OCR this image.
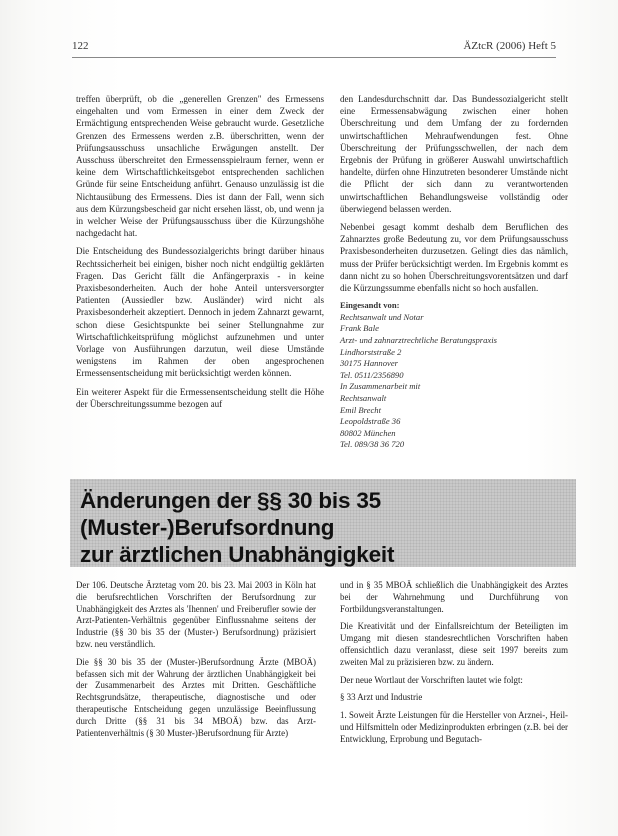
122	ÄZtcR (2006) Heft 5

treffen überprüft, ob die „generellen Grenzen" des Ermessens eingehalten und vom Ermessen in einer dem Zweck der Ermächtigung entsprechenden Weise gebraucht wurde. Gesetzliche Grenzen des Ermessens werden z.B. überschritten, wenn der Prüfungsausschuss unsachliche Erwägungen anstellt. Der Ausschuss überschreitet den Ermessensspielraum ferner, wenn er keine dem Wirtschaftlichkeitsgebot entsprechenden sachlichen Gründe für seine Entscheidung anführt. Genauso unzulässig ist die Nichtausübung des Ermessens. Dies ist dann der Fall, wenn sich aus dem Kürzungsbescheid gar nicht ersehen lässt, ob, und wenn ja in welcher Weise der Prüfungsausschuss über die Kürzungshöhe nachgedacht hat.

Die Entscheidung des Bundessozialgerichts bringt darüber hinaus Rechtssicherheit bei einigen, bisher noch nicht endgültig geklärten Fragen. Das Gericht fällt die Anfängerpraxis - in keine Praxisbesonderheiten. Auch der hohe Anteil untersversorgter Patienten (Aussiedler bzw. Ausländer) wird nicht als Praxisbesonderheit akzeptiert. Dennoch in jedem Zahnarzt gewarnt, schon diese Gesichtspunkte bei seiner Stellungnahme zur Wirtschaftlichkeitsprüfung möglichst aufzunehmen und unter Vorlage von Ausführungen darzutun, weil diese Umstände wenigstens im Rahmen der oben angesprochenen Ermessensentscheidung mit berücksichtigt werden können.

Ein weiterer Aspekt für die Ermessensentscheidung stellt die Höhe der Überschreitungssumme bezogen auf

den Landesdurchschnitt dar. Das Bundessozialgericht stellt eine Ermessensabwägung zwischen einer hohen Überschreitung und dem Umfang der zu fordernden unwirtschaftlichen Mehraufwendungen fest. Ohne Überschreitung der Prüfungsschwellen, der nach dem Ergebnis der Prüfung in größerer Auswahl unwirtschaftlich handelte, dürfen ohne Hinzutreten besonderer Umstände nicht die Pflicht der sich dann zu verantwortenden unwirtschaftlichen Behandlungsweise vollständig oder überwiegend belassen werden.

Nebenbei gesagt kommt deshalb dem Beruflichen des Zahnarztes große Bedeutung zu, vor dem Prüfungsausschuss Praxisbesonderheiten durzusetzen. Gelingt dies das nämlich, muss der Prüfer berücksichtigt werden. Im Ergebnis kommt es dann nicht zu so hohen Überschreitungsvorentsätzen und darf die Kürzungssumme ebenfalls nicht so hoch ausfallen.

Eingesandt von:
Rechtsanwalt und Notar
Frank Bale
Arzt- und zahnarztrechtliche Beratungspraxis
Lindhorststraße 2
30175 Hannover
Tel. 0511/2356890
In Zusammenarbeit mit
Rechtsanwalt
Emil Brecht
Leopoldstraße 36
80802 München
Tel. 089/38 36 720
Änderungen der §§ 30 bis 35 (Muster-)Berufsordnung
zur ärztlichen Unabhängigkeit

Der 106. Deutsche Ärztetag vom 20. bis 23. Mai 2003 in Köln hat die berufsrechtlichen Vorschriften der Berufsordnung zur Unabhängigkeit des Arztes als 'Ihennen' und Freiberufler sowie der Arzt-Patienten-Verhältnis gegenüber Einflussnahme seitens der Industrie (§§ 30 bis 35 der (Muster-) Berufsordnung) präzisiert bzw. neu verständlich.

Die §§ 30 bis 35 der (Muster-)Berufsordnung Ärzte (MBOÄ) befassen sich mit der Wahrung der ärztlichen Unabhängigkeit bei der Zusammenarbeit des Arztes mit Dritten. Geschäftliche Rechtsgrundsätze, therapeutische, diagnostische und oder therapeutische Entscheidung gegen unzulässige Beeinflussung durch Dritte (§§ 31 bis 34 MBOÄ) bzw. das Arzt-Patientenverhältnis (§ 30 Muster-)Berufsordnung für Arzte)

und in § 35 MBOÄ schließlich die Unabhängigkeit des Arztes bei der Wahrnehmung und Durchführung von Fortbildungsveranstaltungen.

Die Kreativität und der Einfallsreichtum der Beteiligten im Umgang mit diesen standesrechtlichen Vorschriften haben offensichtlich dazu veranlasst, diese seit 1997 bereits zum zweiten Mal zu präzisieren bzw. zu ändern.

Der neue Wortlaut der Vorschriften lautet wie folgt:

§ 33 Arzt und Industrie

1. Soweit Ärzte Leistungen für die Hersteller von Arznei-, Heil- und Hilfsmitteln oder Medizinprodukten erbringen (z.B. bei der Entwicklung, Erprobung und Begutach-
